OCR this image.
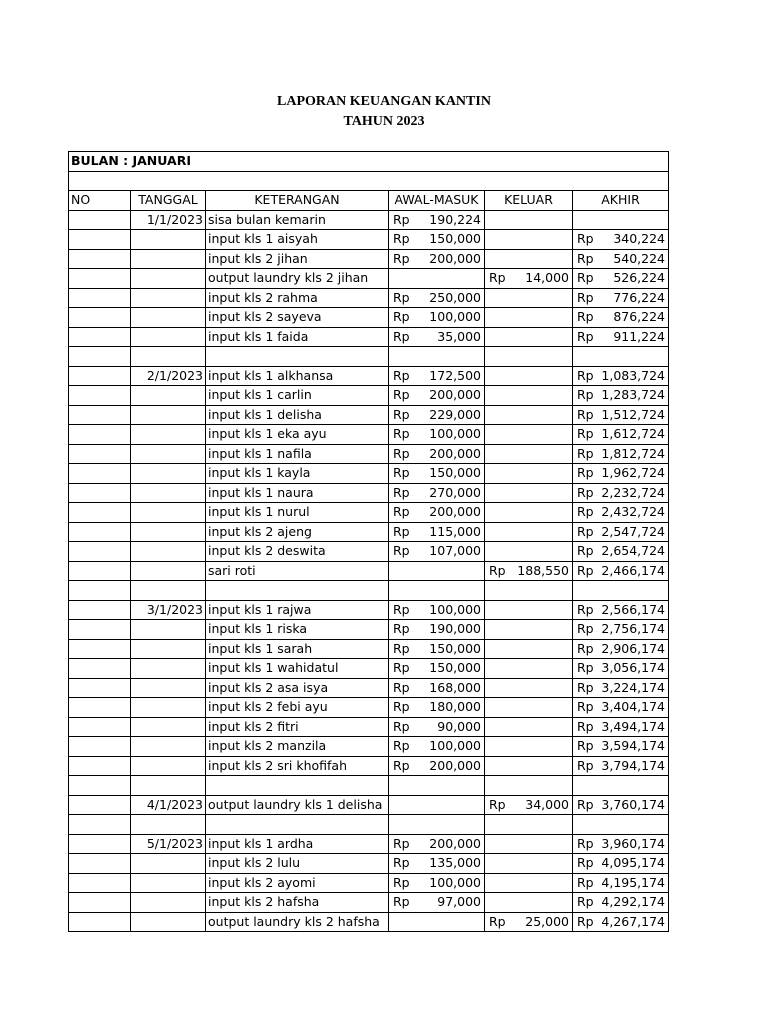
LAPORAN KEUANGAN KANTIN
TAHUN 2023
BULAN : JANUARI					

NO	TANGGAL	KETERANGAN	AWAL-MASUK	KELUAR	AKHIR
	1/1/2023	sisa bulan kemarin	Rp 190,224		

		input kls 1 aisyah	Rp 150,000		Rp 340,224

		input kls 2 jihan	Rp 200,000		Rp 540,224

		output laundry kls 2 jihan		Rp 14,000	Rp 526,224

		input kls 2 rahma	Rp 250,000		Rp 776,224

		input kls 2 sayeva	Rp 100,000		Rp 876,224

		input kls 1 faida	Rp 35,000		Rp 911,224

	2/1/2023	input kls 1 alkhansa	Rp 172,500		Rp 1,083,724

		input kls 1 carlin	Rp 200,000		Rp 1,283,724

		input kls 1 delisha	Rp 229,000		Rp 1,512,724

		input kls 1 eka ayu	Rp 100,000		Rp 1,612,724

		input kls 1 nafila	Rp 200,000		Rp 1,812,724

		input kls 1 kayla	Rp 150,000		Rp 1,962,724

		input kls 1 naura	Rp 270,000		Rp 2,232,724

		input kls 1 nurul	Rp 200,000		Rp 2,432,724

		input kls 2 ajeng	Rp 115,000		Rp 2,547,724

		input kls 2 deswita	Rp 107,000		Rp 2,654,724

		sari roti		Rp 188,550	Rp 2,466,174

	3/1/2023	input kls 1 rajwa	Rp 100,000		Rp 2,566,174

		input kls 1 riska	Rp 190,000		Rp 2,756,174

		input kls 1 sarah	Rp 150,000		Rp 2,906,174

		input kls 1 wahidatul	Rp 150,000		Rp 3,056,174

		input kls 2 asa isya	Rp 168,000		Rp 3,224,174

		input kls 2 febi ayu	Rp 180,000		Rp 3,404,174

		input kls 2 fitri	Rp 90,000		Rp 3,494,174

		input kls 2 manzila	Rp 100,000		Rp 3,594,174

		input kls 2 sri khofifah	Rp 200,000		Rp 3,794,174

	4/1/2023	output laundry kls 1 delisha		Rp 34,000	Rp 3,760,174

	5/1/2023	input kls 1 ardha	Rp 200,000		Rp 3,960,174

		input kls 2 lulu	Rp 135,000		Rp 4,095,174

		input kls 2 ayomi	Rp 100,000		Rp 4,195,174

		input kls 2 hafsha	Rp 97,000		Rp 4,292,174

		output laundry kls 2 hafsha		Rp 25,000	Rp 4,267,174
